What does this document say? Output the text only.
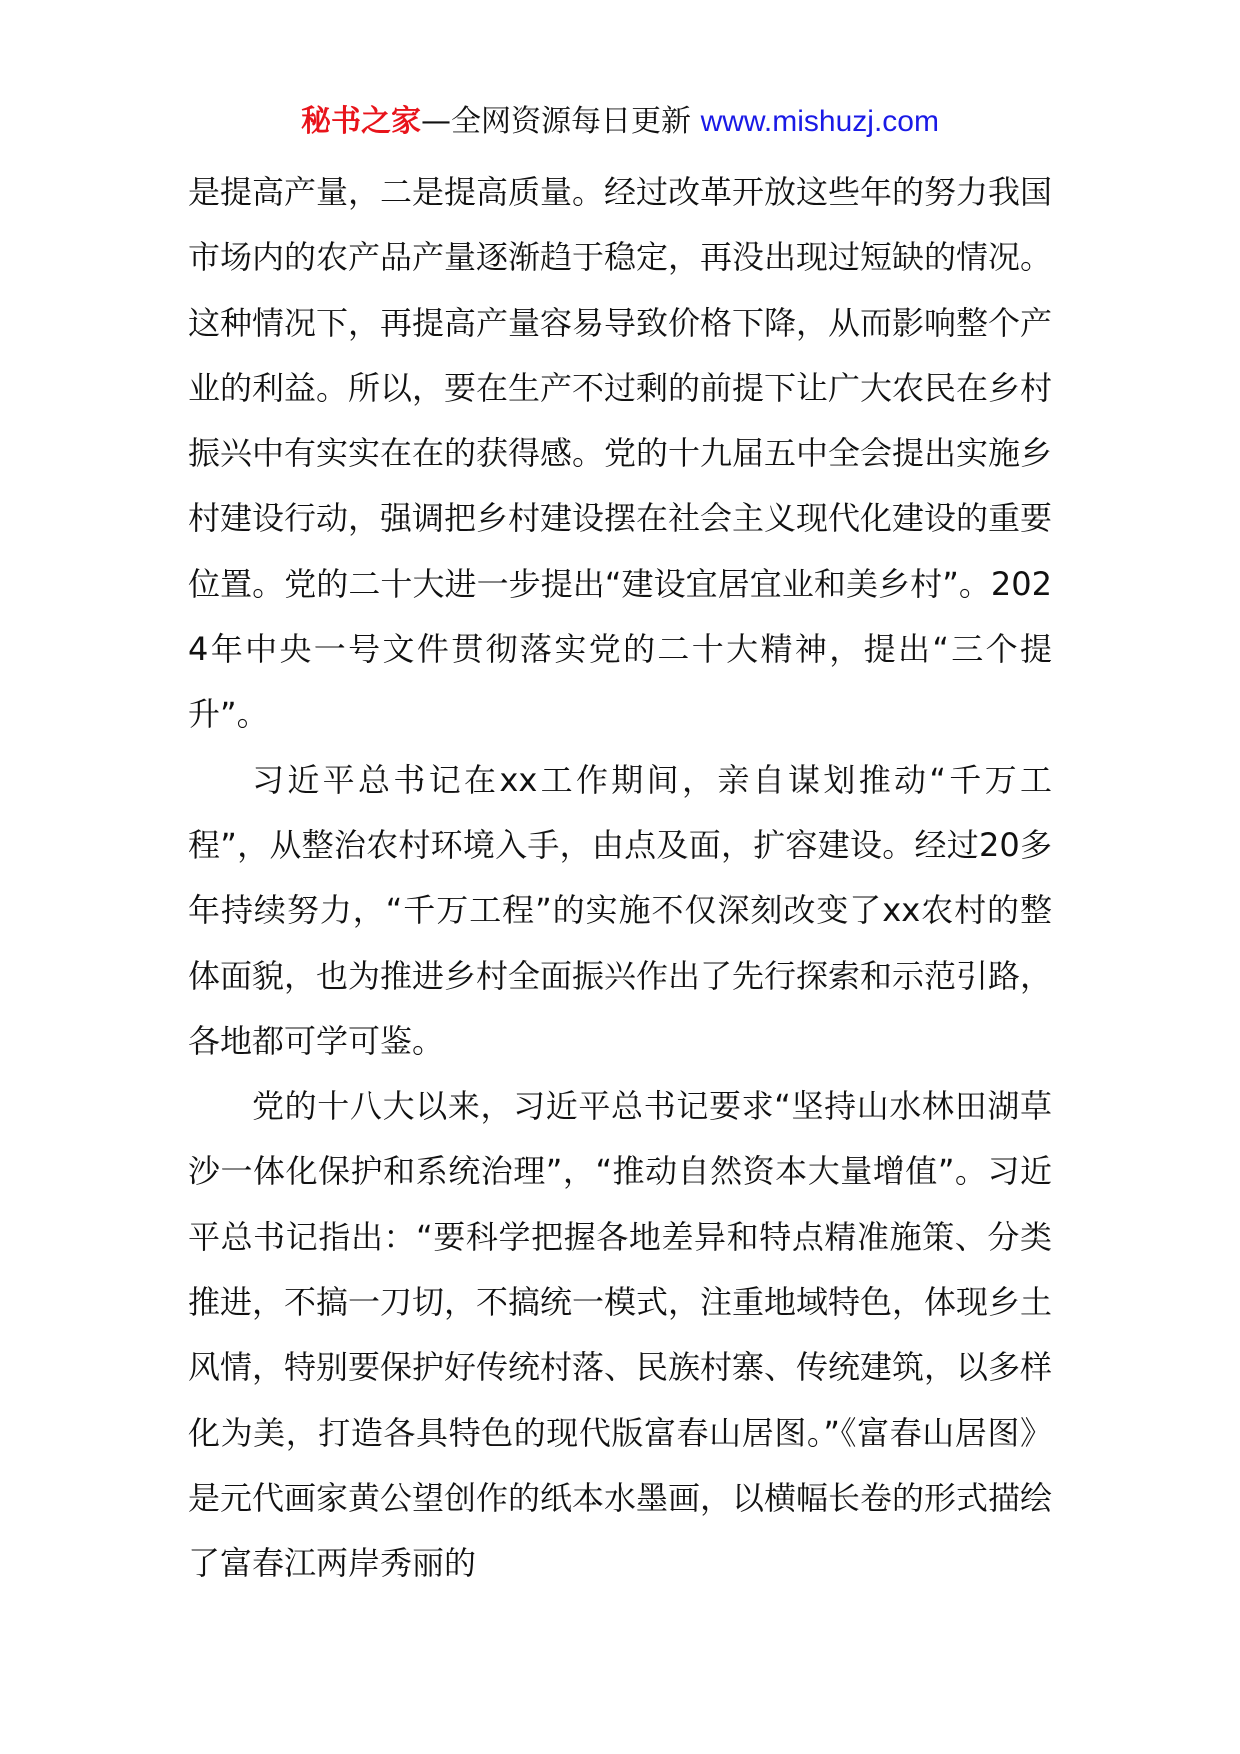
秘书之家—全网资源每日更新 www.mishuzj.com

是提高产量，二是提高质量。经过改革开放这些年的努力我国市场内的农产品产量逐渐趋于稳定，再没出现过短缺的情况。这种情况下，再提高产量容易导致价格下降，从而影响整个产业的利益。所以，要在生产不过剩的前提下让广大农民在乡村振兴中有实实在在的获得感。党的十九届五中全会提出实施乡村建设行动，强调把乡村建设摆在社会主义现代化建设的重要位置。党的二十大进一步提出“建设宜居宜业和美乡村”。2024年中央一号文件贯彻落实党的二十大精神，提出“三个提升”。

习近平总书记在xx工作期间，亲自谋划推动“千万工程”，从整治农村环境入手，由点及面，扩容建设。经过20多年持续努力，“千万工程”的实施不仅深刻改变了xx农村的整体面貌，也为推进乡村全面振兴作出了先行探索和示范引路，各地都可学可鉴。

党的十八大以来，习近平总书记要求“坚持山水林田湖草沙一体化保护和系统治理”，“推动自然资本大量增值”。习近平总书记指出：“要科学把握各地差异和特点精准施策、分类推进，不搞一刀切，不搞统一模式，注重地域特色，体现乡土风情，特别要保护好传统村落、民族村寨、传统建筑，以多样化为美，打造各具特色的现代版富春山居图。”《富春山居图》是元代画家黄公望创作的纸本水墨画，以横幅长卷的形式描绘了富春江两岸秀丽的
